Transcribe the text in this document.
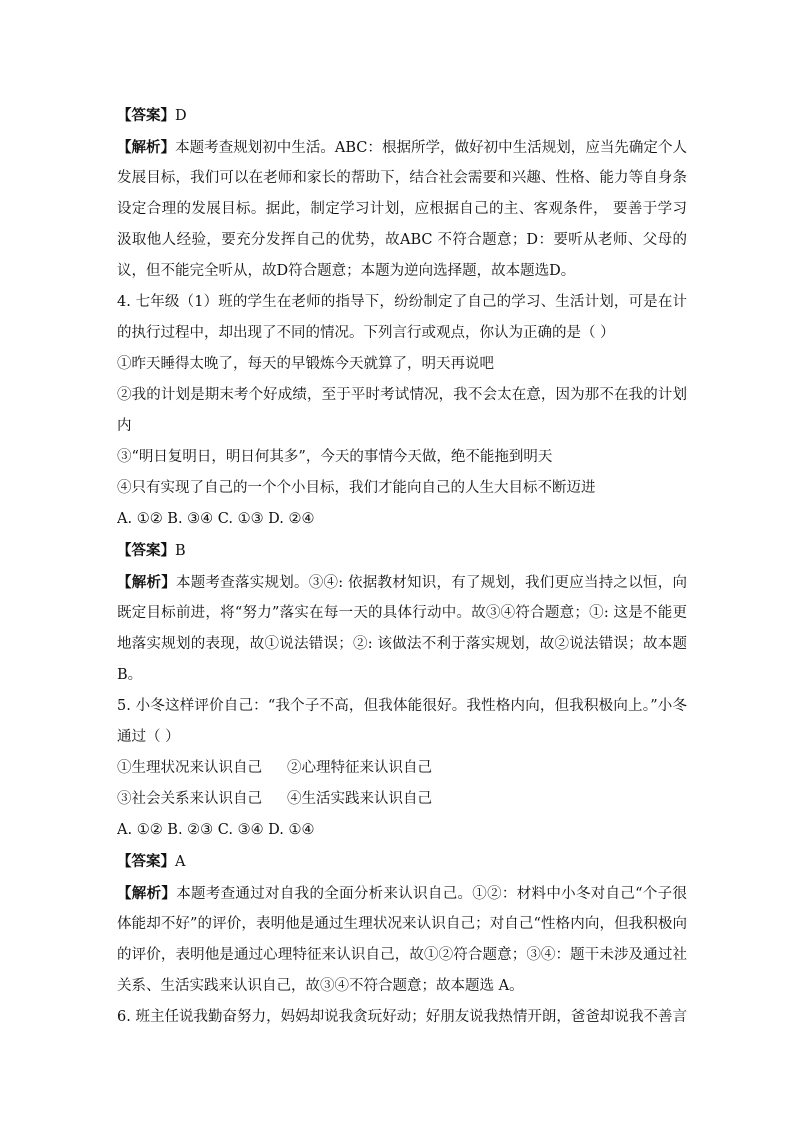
【答案】D
【解析】本题考查规划初中生活。ABC：根据所学，做好初中生活规划，应当先确定个人
发展目标，我们可以在老师和家长的帮助下，结合社会需要和兴趣、性格、能力等自身条
设定合理的发展目标。据此，制定学习计划，应根据自己的主、客观条件， 要善于学习
汲取他人经验，要充分发挥自己的优势，故ABC 不符合题意；D：要听从老师、父母的
议，但不能完全听从，故D符合题意；本题为逆向选择题，故本题选D。
4. 七年级（1）班的学生在老师的指导下，纷纷制定了自己的学习、生活计划，可是在计
的执行过程中，却出现了不同的情况。下列言行或观点，你认为正确的是（ ）
①昨天睡得太晚了，每天的早锻炼今天就算了，明天再说吧
②我的计划是期末考个好成绩，至于平时考试情况，我不会太在意，因为那不在我的计划
内
③“明日复明日，明日何其多”，今天的事情今天做，绝不能拖到明天
④只有实现了自己的一个个小目标，我们才能向自己的人生大目标不断迈进
A. ①② B. ③④ C. ①③ D. ②④
【答案】B
【解析】本题考查落实规划。③④: 依据教材知识，有了规划，我们更应当持之以恒，向
既定目标前进，将“努力”落实在每一天的具体行动中。故③④符合题意；①: 这是不能更
地落实规划的表现，故①说法错误；②: 该做法不利于落实规划，故②说法错误；故本题
B。
5. 小冬这样评价自己：“我个子不高，但我体能很好。我性格内向，但我积极向上。”小冬
通过（ ）
①生理状况来认识自己	②心理特征来认识自己
③社会关系来认识自己	④生活实践来认识自己
A. ①② B. ②③ C. ③④ D. ①④
【答案】A
【解析】本题考查通过对自我的全面分析来认识自己。①②：材料中小冬对自己“个子很
体能却不好”的评价，表明他是通过生理状况来认识自己；对自己“性格内向，但我积极向
的评价，表明他是通过心理特征来认识自己，故①②符合题意；③④：题干未涉及通过社
关系、生活实践来认识自己，故③④不符合题意；故本题选 A。
6. 班主任说我勤奋努力，妈妈却说我贪玩好动；好朋友说我热情开朗，爸爸却说我不善言
